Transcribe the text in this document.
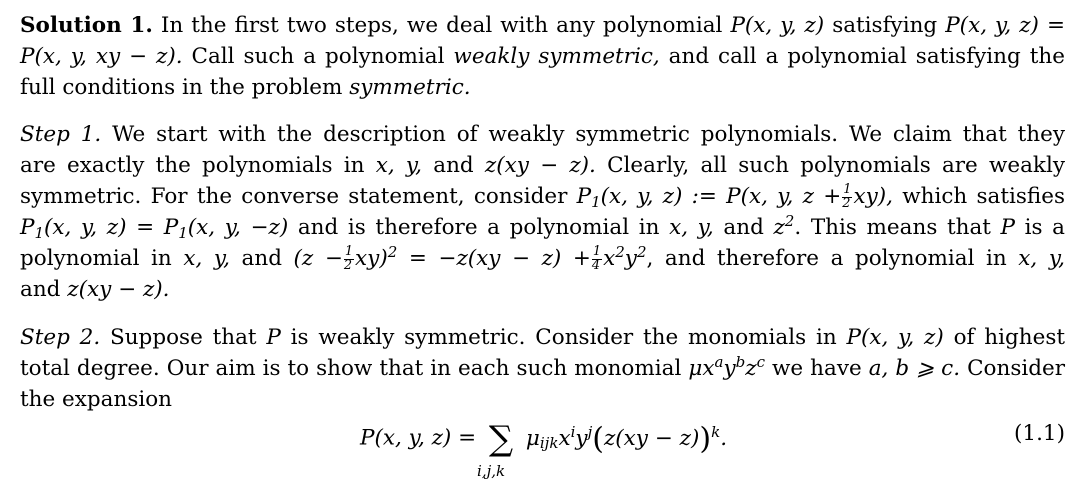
Solution 1. In the first two steps, we deal with any polynomial P(x, y, z) satisfying P(x, y, z) =
P(x, y, xy − z). Call such a polynomial weakly symmetric, and call a polynomial satisfying the
full conditions in the problem symmetric.
Step 1. We start with the description of weakly symmetric polynomials. We claim that they
are exactly the polynomials in x, y, and z(xy − z). Clearly, all such polynomials are weakly
symmetric. For the converse statement, consider $P_1(x$, y, z) := P(x, y, $z + \frac{1}{2} xy$), which satisfies
$P_1(x$, y, $z) = P_1(x$, y, −z) and is therefore a polynomial in x, y, and $z^2$. This means that P is a
polynomial in x, y, and $(z - \frac{1}{2} xy)^2 = -z(xy - z) + \frac{1}{4} x^2y^2$, and therefore a polynomial in x, y,
and z(xy − z).
Step 2. Suppose that P is weakly symmetric. Consider the monomials in P(x, y, z) of highest
total degree. Our aim is to show that in each such monomial $\mu x^ay^bz^c$ we have a, b ⩾ c. Consider
the expansion
P(x, y, z) = ∑
i,j,k
$\mu_{ijk}x^iy^j(z(xy - z))^k$.	(1.1)
